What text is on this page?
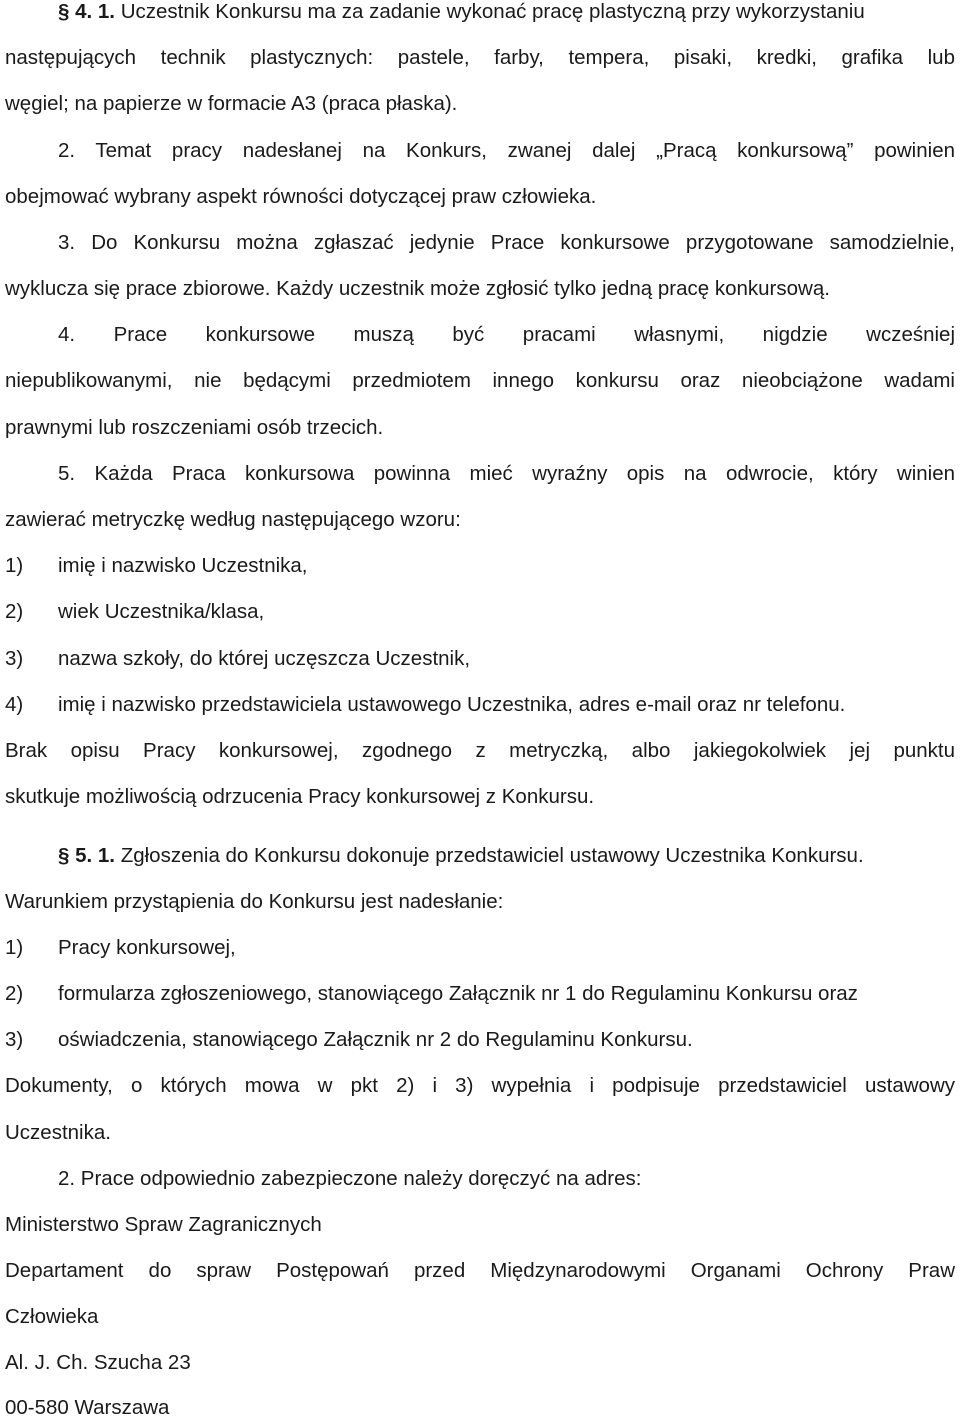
§ 4. 1. Uczestnik Konkursu ma za zadanie wykonać pracę plastyczną przy wykorzystaniu
następujących technik plastycznych: pastele, farby, tempera, pisaki, kredki, grafika lub
węgiel; na papierze w formacie A3 (praca płaska).
2. Temat pracy nadesłanej na Konkurs, zwanej dalej „Pracą konkursową” powinien
obejmować wybrany aspekt równości dotyczącej praw człowieka.
3. Do Konkursu można zgłaszać jedynie Prace konkursowe przygotowane samodzielnie,
wyklucza się prace zbiorowe. Każdy uczestnik może zgłosić tylko jedną pracę konkursową.
4. Prace konkursowe muszą być pracami własnymi, nigdzie wcześniej
niepublikowanymi, nie będącymi przedmiotem innego konkursu oraz nieobciążone wadami
prawnymi lub roszczeniami osób trzecich.
5. Każda Praca konkursowa powinna mieć wyraźny opis na odwrocie, który winien
zawierać metryczkę według następującego wzoru:
1) imię i nazwisko Uczestnika,
2) wiek Uczestnika/klasa,
3) nazwa szkoły, do której uczęszcza Uczestnik,
4) imię i nazwisko przedstawiciela ustawowego Uczestnika, adres e-mail oraz nr telefonu.
Brak opisu Pracy konkursowej, zgodnego z metryczką, albo jakiegokolwiek jej punktu
skutkuje możliwością odrzucenia Pracy konkursowej z Konkursu.
§ 5. 1. Zgłoszenia do Konkursu dokonuje przedstawiciel ustawowy Uczestnika Konkursu.
Warunkiem przystąpienia do Konkursu jest nadesłanie:
1) Pracy konkursowej,
2) formularza zgłoszeniowego, stanowiącego Załącznik nr 1 do Regulaminu Konkursu oraz
3) oświadczenia, stanowiącego Załącznik nr 2 do Regulaminu Konkursu.
Dokumenty, o których mowa w pkt 2) i 3) wypełnia i podpisuje przedstawiciel ustawowy
Uczestnika.
2. Prace odpowiednio zabezpieczone należy doręczyć na adres:
Ministerstwo Spraw Zagranicznych
Departament do spraw Postępowań przed Międzynarodowymi Organami Ochrony Praw
Człowieka
Al. J. Ch. Szucha 23
00-580 Warszawa
